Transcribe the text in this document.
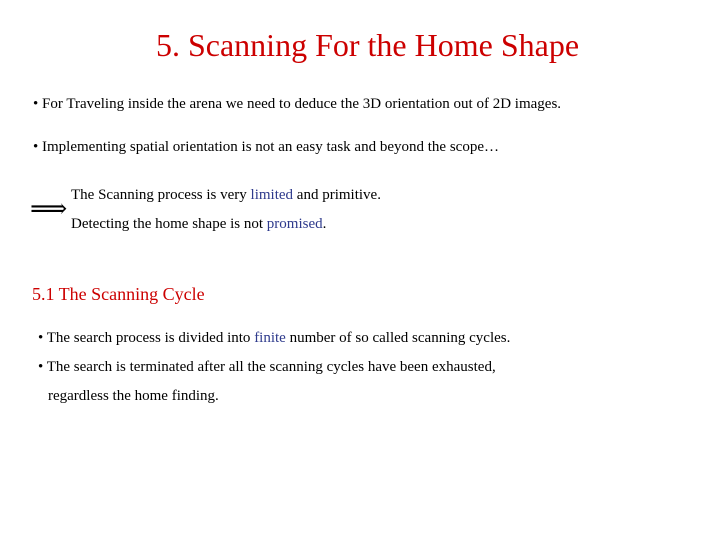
5. Scanning For the Home Shape
• For Traveling inside the arena we need to deduce the 3D orientation out of 2D images.
• Implementing spatial orientation is not an easy task and beyond the scope…
⟹ The Scanning process is very limited and primitive.
Detecting the home shape is not promised.
5.1 The Scanning Cycle
• The search process is divided into finite number of so called scanning cycles.
• The search is terminated after all the scanning cycles have been exhausted,
regardless the home finding.
